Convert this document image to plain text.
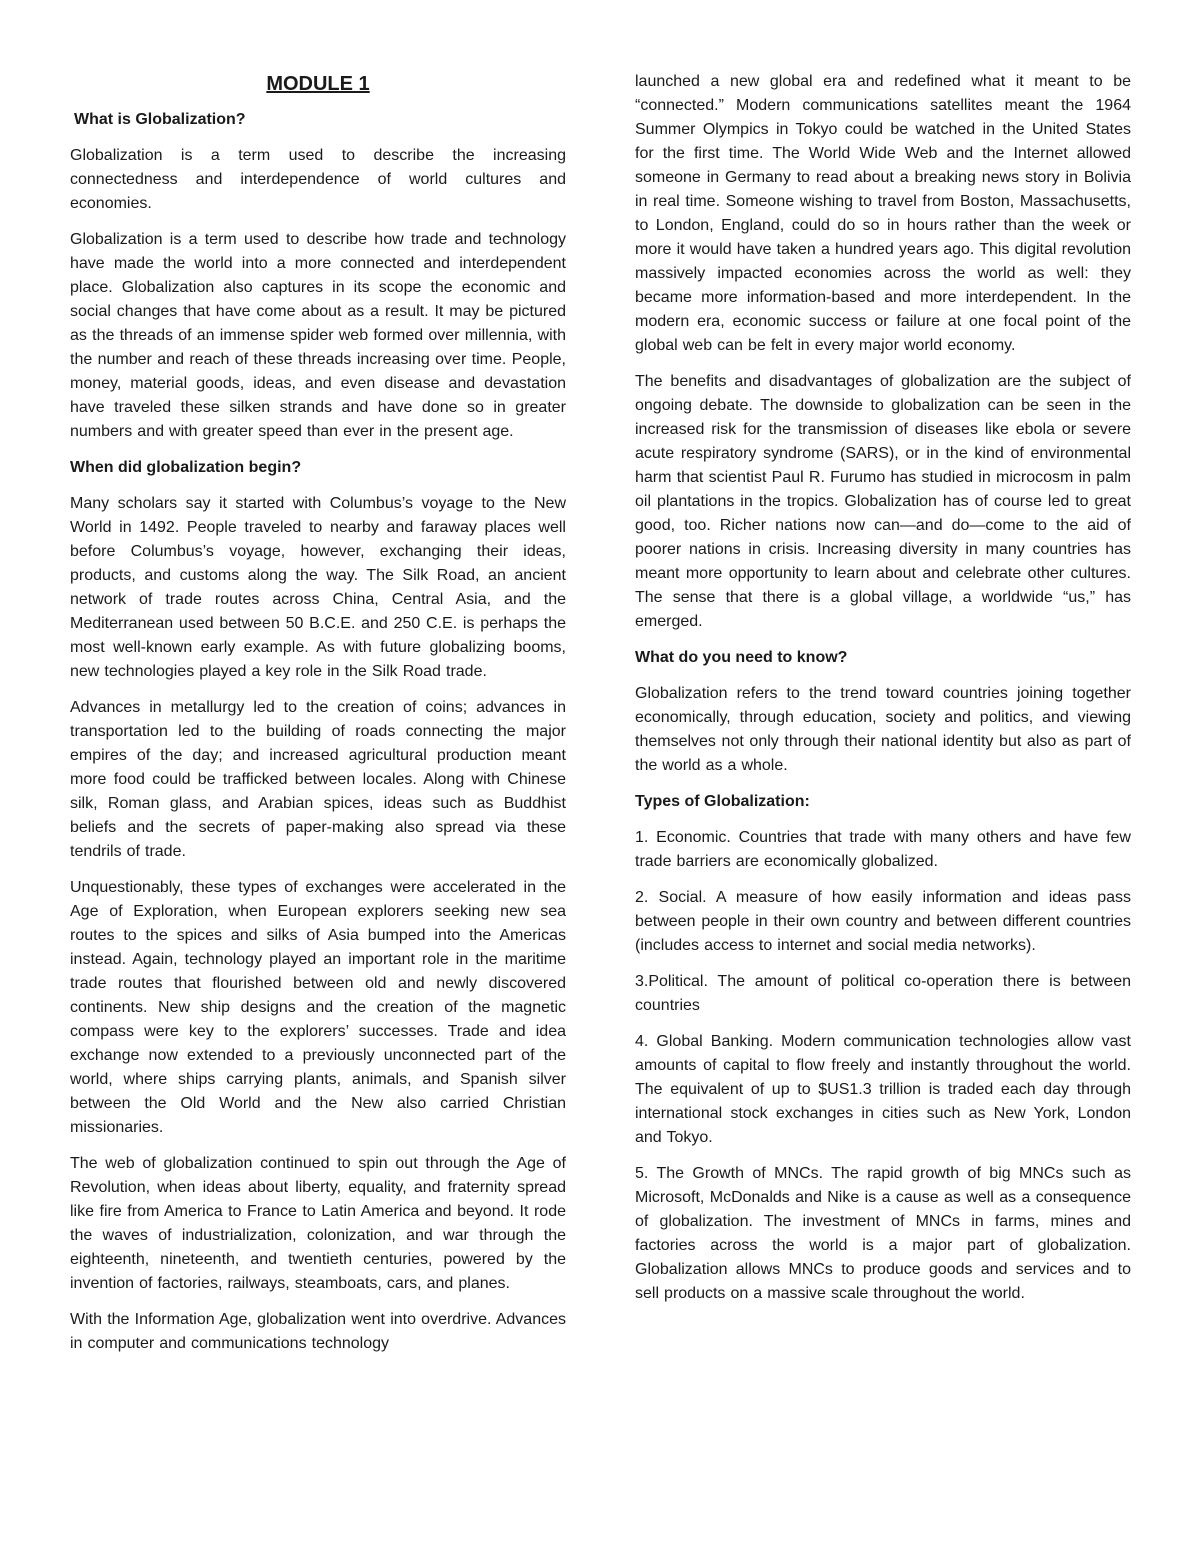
MODULE 1
What is Globalization?
Globalization is a term used to describe the increasing connectedness and interdependence of world cultures and economies.
Globalization is a term used to describe how trade and technology have made the world into a more connected and interdependent place. Globalization also captures in its scope the economic and social changes that have come about as a result. It may be pictured as the threads of an immense spider web formed over millennia, with the number and reach of these threads increasing over time. People, money, material goods, ideas, and even disease and devastation have traveled these silken strands and have done so in greater numbers and with greater speed than ever in the present age.
When did globalization begin?
Many scholars say it started with Columbus’s voyage to the New World in 1492. People traveled to nearby and faraway places well before Columbus’s voyage, however, exchanging their ideas, products, and customs along the way. The Silk Road, an ancient network of trade routes across China, Central Asia, and the Mediterranean used between 50 B.C.E. and 250 C.E. is perhaps the most well-known early example. As with future globalizing booms, new technologies played a key role in the Silk Road trade.
Advances in metallurgy led to the creation of coins; advances in transportation led to the building of roads connecting the major empires of the day; and increased agricultural production meant more food could be trafficked between locales. Along with Chinese silk, Roman glass, and Arabian spices, ideas such as Buddhist beliefs and the secrets of paper-making also spread via these tendrils of trade.
Unquestionably, these types of exchanges were accelerated in the Age of Exploration, when European explorers seeking new sea routes to the spices and silks of Asia bumped into the Americas instead. Again, technology played an important role in the maritime trade routes that flourished between old and newly discovered continents. New ship designs and the creation of the magnetic compass were key to the explorers’ successes. Trade and idea exchange now extended to a previously unconnected part of the world, where ships carrying plants, animals, and Spanish silver between the Old World and the New also carried Christian missionaries.
The web of globalization continued to spin out through the Age of Revolution, when ideas about liberty, equality, and fraternity spread like fire from America to France to Latin America and beyond. It rode the waves of industrialization, colonization, and war through the eighteenth, nineteenth, and twentieth centuries, powered by the invention of factories, railways, steamboats, cars, and planes.
With the Information Age, globalization went into overdrive. Advances in computer and communications technology
launched a new global era and redefined what it meant to be “connected.” Modern communications satellites meant the 1964 Summer Olympics in Tokyo could be watched in the United States for the first time. The World Wide Web and the Internet allowed someone in Germany to read about a breaking news story in Bolivia in real time. Someone wishing to travel from Boston, Massachusetts, to London, England, could do so in hours rather than the week or more it would have taken a hundred years ago. This digital revolution massively impacted economies across the world as well: they became more information-based and more interdependent. In the modern era, economic success or failure at one focal point of the global web can be felt in every major world economy.
The benefits and disadvantages of globalization are the subject of ongoing debate. The downside to globalization can be seen in the increased risk for the transmission of diseases like ebola or severe acute respiratory syndrome (SARS), or in the kind of environmental harm that scientist Paul R. Furumo has studied in microcosm in palm oil plantations in the tropics. Globalization has of course led to great good, too. Richer nations now can—and do—come to the aid of poorer nations in crisis. Increasing diversity in many countries has meant more opportunity to learn about and celebrate other cultures. The sense that there is a global village, a worldwide “us,” has emerged.
What do you need to know?
Globalization refers to the trend toward countries joining together economically, through education, society and politics, and viewing themselves not only through their national identity but also as part of the world as a whole.
Types of Globalization:
1. Economic. Countries that trade with many others and have few trade barriers are economically globalized.
2. Social. A measure of how easily information and ideas pass between people in their own country and between different countries (includes access to internet and social media networks).
3.Political. The amount of political co-operation there is between countries
4. Global Banking. Modern communication technologies allow vast amounts of capital to flow freely and instantly throughout the world. The equivalent of up to $US1.3 trillion is traded each day through international stock exchanges in cities such as New York, London and Tokyo.
5. The Growth of MNCs. The rapid growth of big MNCs such as Microsoft, McDonalds and Nike is a cause as well as a consequence of globalization. The investment of MNCs in farms, mines and factories across the world is a major part of globalization. Globalization allows MNCs to produce goods and services and to sell products on a massive scale throughout the world.
